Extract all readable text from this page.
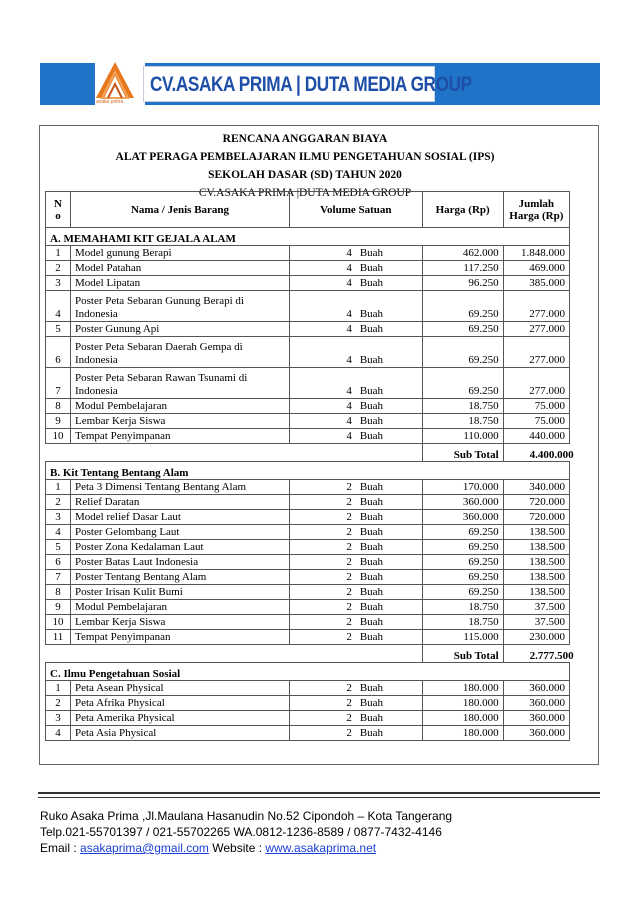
asaka prima
CV.ASAKA PRIMA | DUTA MEDIA GROUP
RENCANA ANGGARAN BIAYA
ALAT PERAGA PEMBELAJARAN ILMU PENGETAHUAN SOSIAL (IPS)
SEKOLAH DASAR (SD) TAHUN 2020
CV.ASAKA PRIMA |DUTA MEDIA GROUP
N o	Nama / Jenis Barang	Volume Satuan		Harga (Rp)	Jumlah Harga (Rp)
A. MEMAHAMI KIT GEJALA ALAM					
1	Model gunung Berapi	4	Buah	462.000	1.848.000
2	Model Patahan	4	Buah	117.250	469.000
3	Model Lipatan	4	Buah	96.250	385.000
4	Poster Peta Sebaran Gunung Berapi di Indonesia	4	Buah	69.250	277.000
5	Poster Gunung Api	4	Buah	69.250	277.000
6	Poster Peta Sebaran Daerah Gempa di Indonesia	4	Buah	69.250	277.000
7	Poster Peta Sebaran Rawan Tsunami di Indonesia	4	Buah	69.250	277.000
8	Modul Pembelajaran	4	Buah	18.750	75.000
9	Lembar Kerja Siswa	4	Buah	18.750	75.000
10	Tempat Penyimpanan	4	Buah	110.000	440.000
				Sub Total	4.400.000
B. Kit Tentang Bentang Alam					
1	Peta 3 Dimensi Tentang Bentang Alam	2	Buah	170.000	340.000
2	Relief Daratan	2	Buah	360.000	720.000
3	Model relief Dasar Laut	2	Buah	360.000	720.000
4	Poster Gelombang Laut	2	Buah	69.250	138.500
5	Poster Zona Kedalaman Laut	2	Buah	69.250	138.500
6	Poster Batas Laut Indonesia	2	Buah	69.250	138.500
7	Poster Tentang Bentang Alam	2	Buah	69.250	138.500
8	Poster Irisan Kulit Bumi	2	Buah	69.250	138.500
9	Modul Pembelajaran	2	Buah	18.750	37.500
10	Lembar Kerja Siswa	2	Buah	18.750	37.500
11	Tempat Penyimpanan	2	Buah	115.000	230.000
				Sub Total	2.777.500
C. Ilmu Pengetahuan Sosial					
1	Peta Asean Physical	2	Buah	180.000	360.000
2	Peta Afrika Physical	2	Buah	180.000	360.000
3	Peta Amerika Physical	2	Buah	180.000	360.000
4	Peta Asia Physical	2	Buah	180.000	360.000
Ruko Asaka Prima ,Jl.Maulana Hasanudin No.52 Cipondoh – Kota Tangerang
Telp.021-55701397 / 021-55702265 WA.0812-1236-8589 / 0877-7432-4146
Email : asakaprima@gmail.com Website : www.asakaprima.net
